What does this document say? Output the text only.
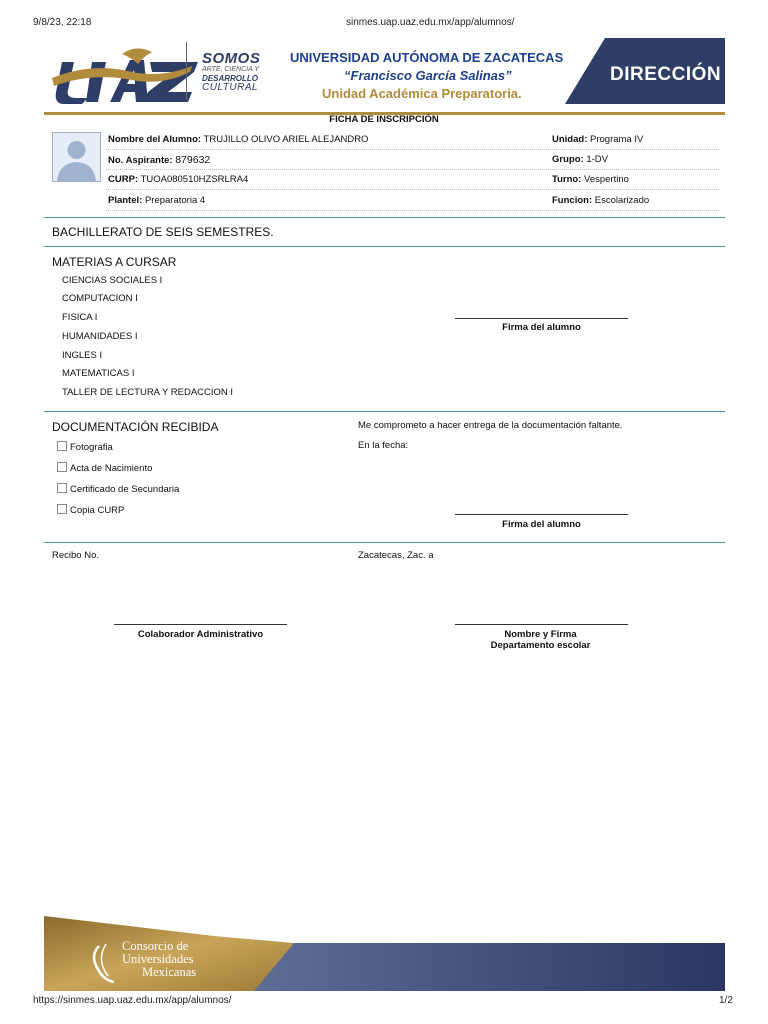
9/8/23, 22:18	sinmes.uap.uaz.edu.mx/app/alumnos/
SOMOS
ARTE, CIENCIA Y
DESARROLLO
CULTURAL
UNIVERSIDAD AUTÓNOMA DE ZACATECAS
“Francisco García Salinas”
Unidad Académica Preparatoria.
DIRECCIÓN
FICHA DE INSCRIPCIÓN
Nombre del Alumno: TRUJILLO OLIVO ARIEL ALEJANDRO
No. Aspirante: 879632
CURP: TUOA080510HZSRLRA4
Plantel: Preparatoria 4
Unidad: Programa IV
Grupo: 1-DV
Turno: Vespertino
Funcion: Escolarizado
BACHILLERATO DE SEIS SEMESTRES.
MATERIAS A CURSAR
CIENCIAS SOCIALES I
COMPUTACION I
FISICA I
HUMANIDADES I
INGLES I
MATEMATICAS I
TALLER DE LECTURA Y REDACCION I
Firma del alumno
DOCUMENTACIÓN RECIBIDA
Fotografia
Acta de Nacimiento
Certificado de Secundaria
Copia CURP
Me comprometo a hacer entrega de la documentación faltante.
En la fecha:
Firma del alumno
Recibo No.	Zacatecas, Zac. a
Colaborador Administrativo	Nombre y Firma
Departamento escolar
Consorcio de
Universidades
Mexicanas
https://sinmes.uap.uaz.edu.mx/app/alumnos/	1/2
